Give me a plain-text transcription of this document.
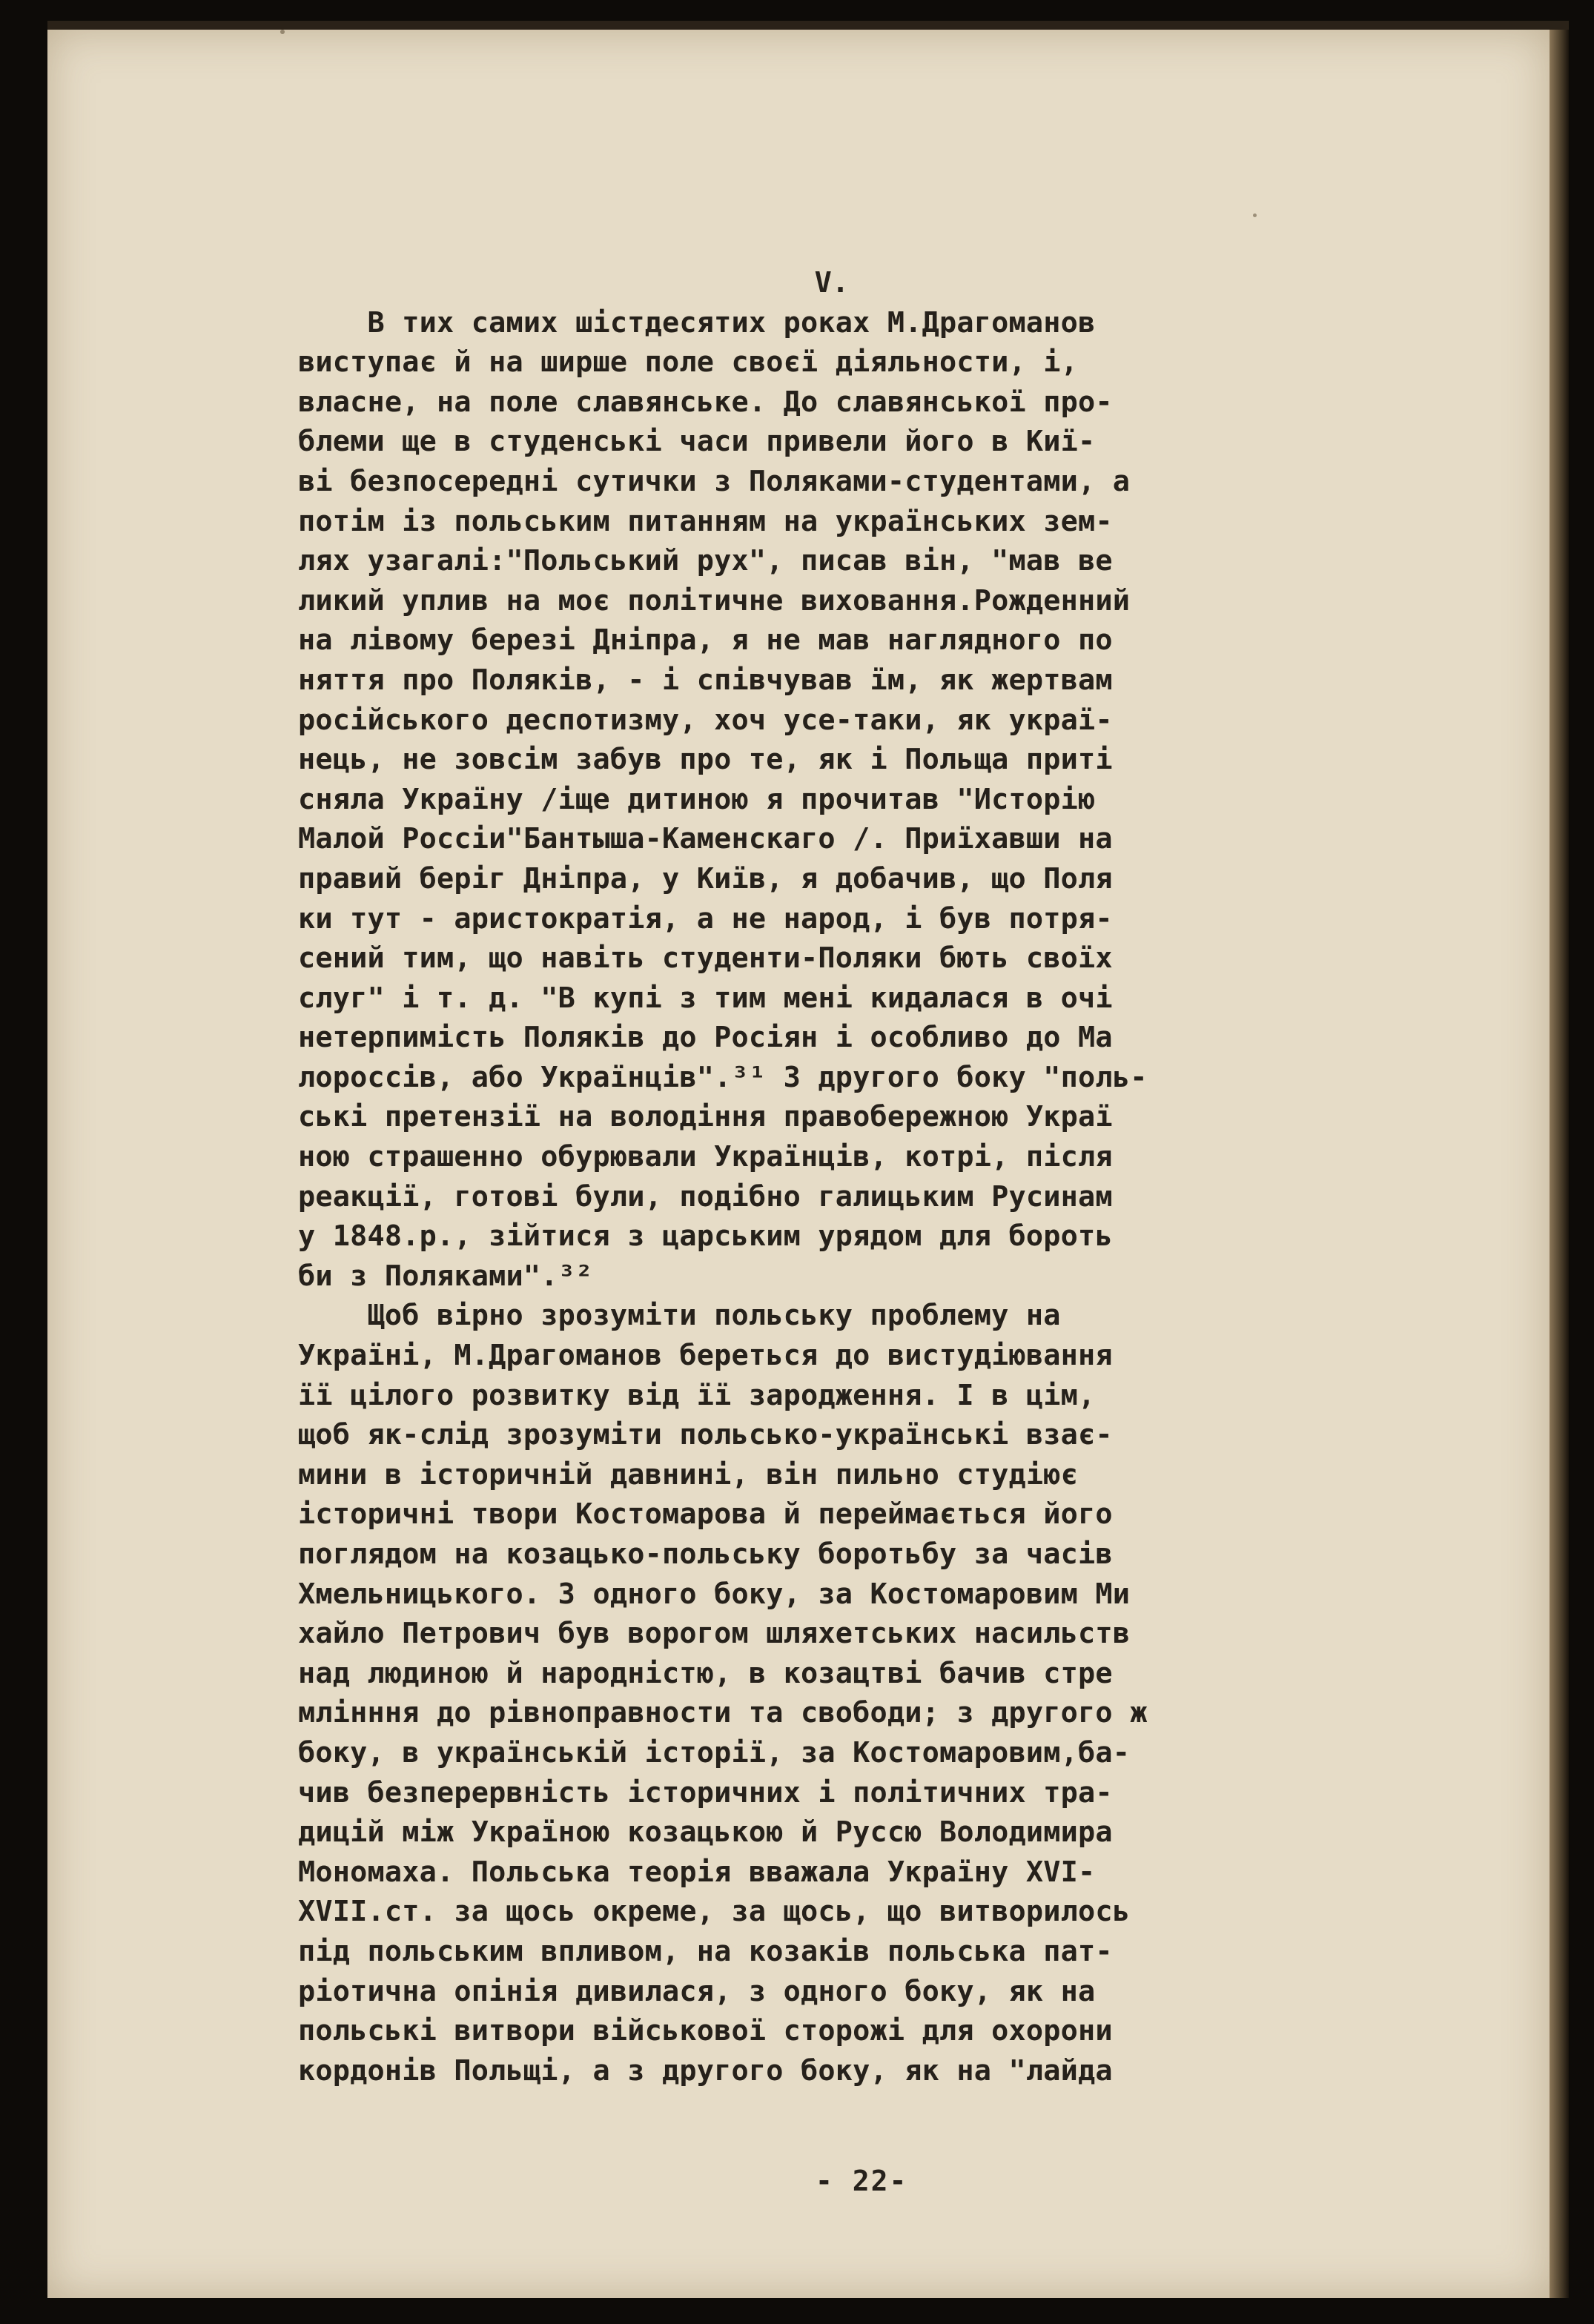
V.
В тих самих шістдесятих роках М.Драгоманов
виступає й на ширше поле своєї діяльности, і,
власне, на поле славянське. До славянської про-
блеми ще в студенські часи привели його в Киї-
ві безпосередні сутички з Поляками-студентами, а
потім із польським питанням на українських зем-
лях узагалі:"Польський рух", писав він, "мав ве
ликий уплив на моє політичне виховання.Рожденний
на лівому березі Дніпра, я не мав наглядного по
няття про Поляків, - і співчував їм, як жертвам
російського деспотизму, хоч усе-таки, як украї-
нець, не зовсім забув про те, як і Польща приті
сняла Україну /іще дитиною я прочитав "Исторію
Малой Россіи"Бантыша-Каменскаго /. Приїхавши на
правий беріг Дніпра, у Київ, я добачив, що Поля
ки тут - аристократія, а не народ, і був потря-
сений тим, що навіть студенти-Поляки бють своїх
слуг" і т. д. "В купі з тим мені кидалася в очі
нетерпимість Поляків до Росіян і особливо до Ма
лороссів, або Українців".³¹ З другого боку "поль-
ські претензії на володіння правобережною Украї
ною страшенно обурювали Українців, котрі, після
реакції, готові були, подібно галицьким Русинам
у 1848.р., зійтися з царським урядом для бороть
би з Поляками".³²
Щоб вірно зрозуміти польську проблему на
Україні, М.Драгоманов береться до вистудіювання
її цілого розвитку від її зародження. І в цім,
щоб як-слід зрозуміти польсько-українські взає-
мини в історичній давнині, він пильно студіює
історичні твори Костомарова й переймається його
поглядом на козацько-польську боротьбу за часів
Хмельницького. З одного боку, за Костомаровим Ми
хайло Петрович був ворогом шляхетських насильств
над людиною й народністю, в козацтві бачив стре
млінння до рівноправности та свободи; з другого ж
боку, в українській історії, за Костомаровим,ба-
чив безперервність історичних і політичних тра-
дицій між Україною козацькою й Руссю Володимира
Мономаха. Польська теорія вважала Україну XVI-
XVII.ст. за щось окреме, за щось, що витворилось
під польським впливом, на козаків польська пат-
ріотична опінія дивилася, з одного боку, як на
польські витвори військової сторожі для охорони
кордонів Польщі, а з другого боку, як на "лайда
- 22-
